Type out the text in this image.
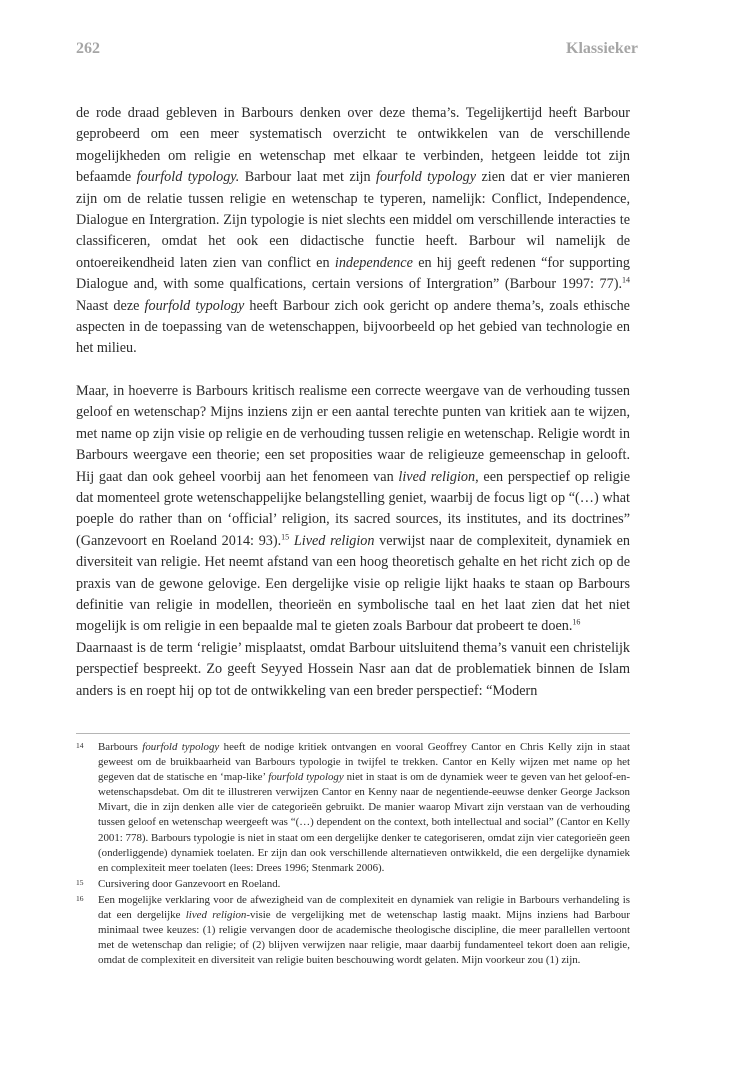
262	Klassieker

de rode draad gebleven in Barbours denken over deze thema’s. Tegelijkertijd heeft Barbour geprobeerd om een meer systematisch overzicht te ontwikkelen van de verschillende mogelijkheden om religie en wetenschap met elkaar te verbinden, hetgeen leidde tot zijn befaamde fourfold typology. Barbour laat met zijn fourfold typology zien dat er vier manieren zijn om de relatie tussen religie en wetenschap te typeren, namelijk: Conflict, Independence, Dialogue en Intergration. Zijn typologie is niet slechts een middel om verschillende interacties te classificeren, omdat het ook een didactische functie heeft. Barbour wil namelijk de ontoereikendheid laten zien van conflict en independence en hij geeft redenen “for supporting Dialogue and, with some qualfications, certain versions of Intergration” (Barbour 1997: 77).$^{14}$ Naast deze fourfold typology heeft Barbour zich ook gericht op andere thema’s, zoals ethische aspecten in de toepassing van de wetenschappen, bijvoorbeeld op het gebied van technologie en het milieu.

Maar, in hoeverre is Barbours kritisch realisme een correcte weergave van de verhouding tussen geloof en wetenschap? Mijns inziens zijn er een aantal terechte punten van kritiek aan te wijzen, met name op zijn visie op religie en de verhouding tussen religie en wetenschap. Religie wordt in Barbours weergave een theorie; een set proposities waar de religieuze gemeenschap in gelooft. Hij gaat dan ook geheel voorbij aan het fenomeen van lived religion, een perspectief op religie dat momenteel grote wetenschappelijke belangstelling geniet, waarbij de focus ligt op “(…) what poeple do rather than on ‘official’ religion, its sacred sources, its institutes, and its doctrines” (Ganzevoort en Roeland 2014: 93).$^{15}$ Lived religion verwijst naar de complexiteit, dynamiek en diversiteit van religie. Het neemt afstand van een hoog theoretisch gehalte en het richt zich op de praxis van de gewone gelovige. Een dergelijke visie op religie lijkt haaks te staan op Barbours definitie van religie in modellen, theorieën en symbolische taal en het laat zien dat het niet mogelijk is om religie in een bepaalde mal te gieten zoals Barbour dat probeert te doen.$^{16}$

Daarnaast is de term ‘religie’ misplaatst, omdat Barbour uitsluitend thema’s vanuit een christelijk perspectief bespreekt. Zo geeft Seyyed Hossein Nasr aan dat de problematiek binnen de Islam anders is en roept hij op tot de ontwikkeling van een breder perspectief: “Modern

14 Barbours fourfold typology heeft de nodige kritiek ontvangen en vooral Geoffrey Cantor en Chris Kelly zijn in staat geweest om de bruikbaarheid van Barbours typologie in twijfel te trekken. Cantor en Kelly wijzen met name op het gegeven dat de statische en ‘map-like’ fourfold typology niet in staat is om de dynamiek weer te geven van het geloof-en-wetenschapsdebat. Om dit te illustreren verwijzen Cantor en Kenny naar de negentiende-eeuwse denker George Jackson Mivart, die in zijn denken alle vier de categorieën gebruikt. De manier waarop Mivart zijn verstaan van de verhouding tussen geloof en wetenschap weergeeft was “(…) dependent on the context, both intellectual and social” (Cantor en Kelly 2001: 778). Barbours typologie is niet in staat om een dergelijke denker te categoriseren, omdat zijn vier categorieën geen (onderliggende) dynamiek toelaten. Er zijn dan ook verschillende alternatieven ontwikkeld, die een dergelijke dynamiek en complexiteit meer toelaten (lees: Drees 1996; Stenmark 2006).
15 Cursivering door Ganzevoort en Roeland.
16 Een mogelijke verklaring voor de afwezigheid van de complexiteit en dynamiek van religie in Barbours verhandeling is dat een dergelijke lived religion-visie de vergelijking met de wetenschap lastig maakt. Mijns inziens had Barbour minimaal twee keuzes: (1) religie vervangen door de academische theologische discipline, die meer parallellen vertoont met de wetenschap dan religie; of (2) blijven verwijzen naar religie, maar daarbij fundamenteel tekort doen aan religie, omdat de complexiteit en diversiteit van religie buiten beschouwing wordt gelaten. Mijn voorkeur zou (1) zijn.
